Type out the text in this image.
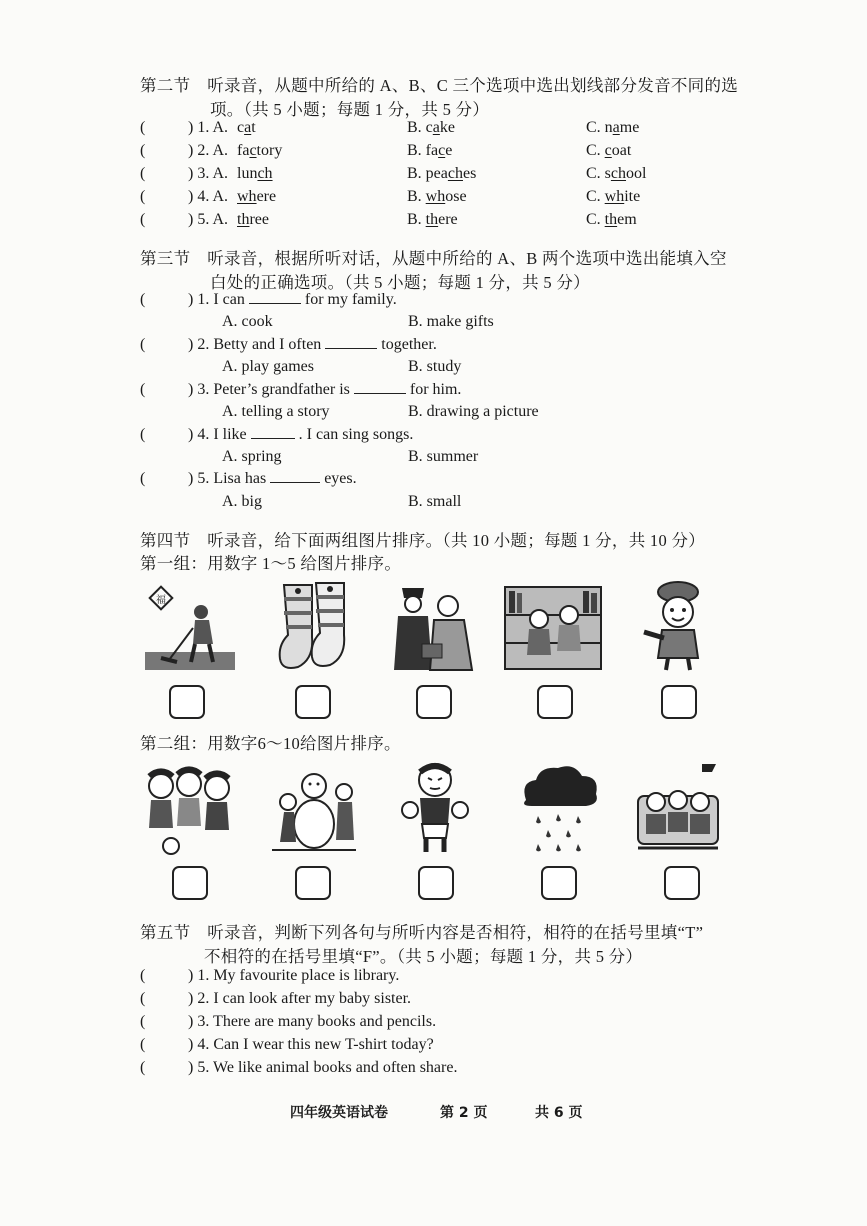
第二节　听录音，从题中所给的 A、B、C 三个选项中选出划线部分发音不同的选
项。（共 5 小题；每题 1 分，共 5 分）
(	) 1. A. cat	B. cake	C. name
(	) 2. A. factory	B. face	C. coat
(	) 3. A. lunch	B. peaches	C. school
(	) 4. A. where	B. whose	C. white
(	) 5. A. three	B. there	C. them
第三节　听录音，根据所听对话，从题中所给的 A、B 两个选项中选出能填入空
白处的正确选项。（共 5 小题；每题 1 分，共 5 分）
(	) 1. I can	for my family.
A. cook	B. make gifts
(	) 2. Betty and I often	together.
A. play games	B. study
(	) 3. Peter’s grandfather is	for him.
A. telling a story	B. drawing a picture
(	) 4. I like	. I can sing songs.
A. spring	B. summer
(	) 5. Lisa has	eyes.
A. big	B. small
第四节　听录音，给下面两组图片排序。（共 10 小题；每题 1 分，共 10 分）
第一组：用数字 1～5 给图片排序。
福
第二组：用数字6～10给图片排序。
第五节　听录音，判断下列各句与所听内容是否相符，相符的在括号里填“T”
不相符的在括号里填“F”。（共 5 小题；每题 1 分，共 5 分）
(	) 1. My favourite place is library.
(	) 2. I can look after my baby sister.
(	) 3. There are many books and pencils.
(	) 4. Can I wear this new T-shirt today?
(	) 5. We like animal books and often share.
四年级英语试卷	第 2 页	共 6 页
